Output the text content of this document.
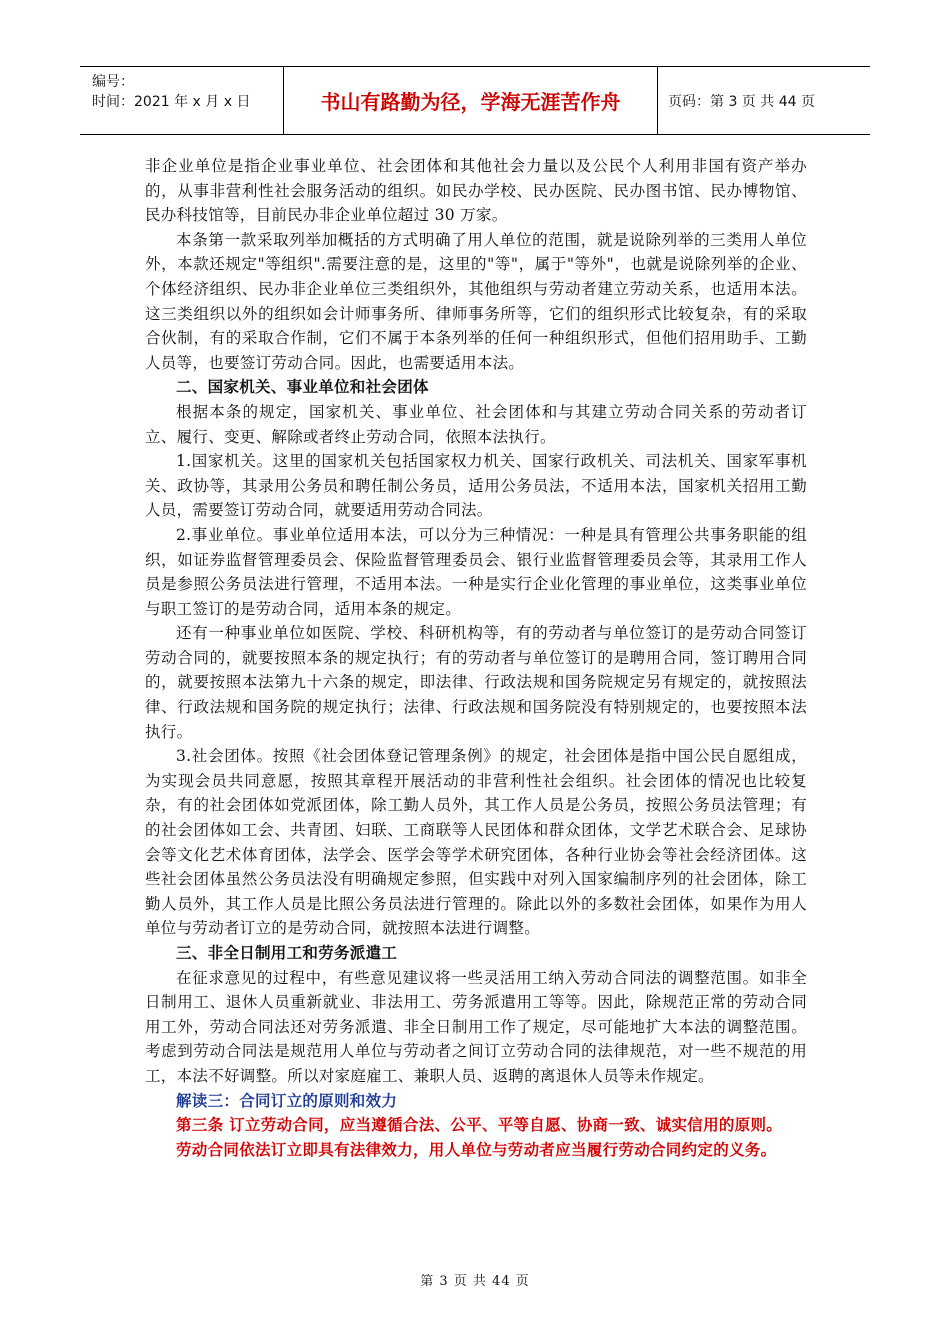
编号：
时间：2021 年 x 月 x 日	书山有路勤为径，学海无涯苦作舟	页码：第 3 页 共 44 页

非企业单位是指企业事业单位、社会团体和其他社会力量以及公民个人利用非国有资产举办的，从事非营利性社会服务活动的组织。如民办学校、民办医院、民办图书馆、民办博物馆、民办科技馆等，目前民办非企业单位超过 30 万家。

本条第一款采取列举加概括的方式明确了用人单位的范围，就是说除列举的三类用人单位外，本款还规定"等组织".需要注意的是，这里的"等"，属于"等外"，也就是说除列举的企业、个体经济组织、民办非企业单位三类组织外，其他组织与劳动者建立劳动关系，也适用本法。这三类组织以外的组织如会计师事务所、律师事务所等，它们的组织形式比较复杂，有的采取合伙制，有的采取合作制，它们不属于本条列举的任何一种组织形式，但他们招用助手、工勤人员等，也要签订劳动合同。因此，也需要适用本法。

二、国家机关、事业单位和社会团体

根据本条的规定，国家机关、事业单位、社会团体和与其建立劳动合同关系的劳动者订立、履行、变更、解除或者终止劳动合同，依照本法执行。

1.国家机关。这里的国家机关包括国家权力机关、国家行政机关、司法机关、国家军事机关、政协等，其录用公务员和聘任制公务员，适用公务员法，不适用本法，国家机关招用工勤人员，需要签订劳动合同，就要适用劳动合同法。

2.事业单位。事业单位适用本法，可以分为三种情况：一种是具有管理公共事务职能的组织，如证券监督管理委员会、保险监督管理委员会、银行业监督管理委员会等，其录用工作人员是参照公务员法进行管理，不适用本法。一种是实行企业化管理的事业单位，这类事业单位与职工签订的是劳动合同，适用本条的规定。

还有一种事业单位如医院、学校、科研机构等，有的劳动者与单位签订的是劳动合同签订劳动合同的，就要按照本条的规定执行；有的劳动者与单位签订的是聘用合同，签订聘用合同的，就要按照本法第九十六条的规定，即法律、行政法规和国务院规定另有规定的，就按照法律、行政法规和国务院的规定执行；法律、行政法规和国务院没有特别规定的，也要按照本法执行。

3.社会团体。按照《社会团体登记管理条例》的规定，社会团体是指中国公民自愿组成，为实现会员共同意愿，按照其章程开展活动的非营利性社会组织。社会团体的情况也比较复杂，有的社会团体如党派团体，除工勤人员外，其工作人员是公务员，按照公务员法管理；有的社会团体如工会、共青团、妇联、工商联等人民团体和群众团体，文学艺术联合会、足球协会等文化艺术体育团体，法学会、医学会等学术研究团体，各种行业协会等社会经济团体。这些社会团体虽然公务员法没有明确规定参照，但实践中对列入国家编制序列的社会团体，除工勤人员外，其工作人员是比照公务员法进行管理的。除此以外的多数社会团体，如果作为用人单位与劳动者订立的是劳动合同，就按照本法进行调整。

三、非全日制用工和劳务派遣工

在征求意见的过程中，有些意见建议将一些灵活用工纳入劳动合同法的调整范围。如非全日制用工、退休人员重新就业、非法用工、劳务派遣用工等等。因此，除规范正常的劳动合同用工外，劳动合同法还对劳务派遣、非全日制用工作了规定，尽可能地扩大本法的调整范围。考虑到劳动合同法是规范用人单位与劳动者之间订立劳动合同的法律规范，对一些不规范的用工，本法不好调整。所以对家庭雇工、兼职人员、返聘的离退休人员等未作规定。

解读三：合同订立的原则和效力

第三条 订立劳动合同，应当遵循合法、公平、平等自愿、协商一致、诚实信用的原则。

劳动合同依法订立即具有法律效力，用人单位与劳动者应当履行劳动合同约定的义务。

第 3 页 共 44 页
